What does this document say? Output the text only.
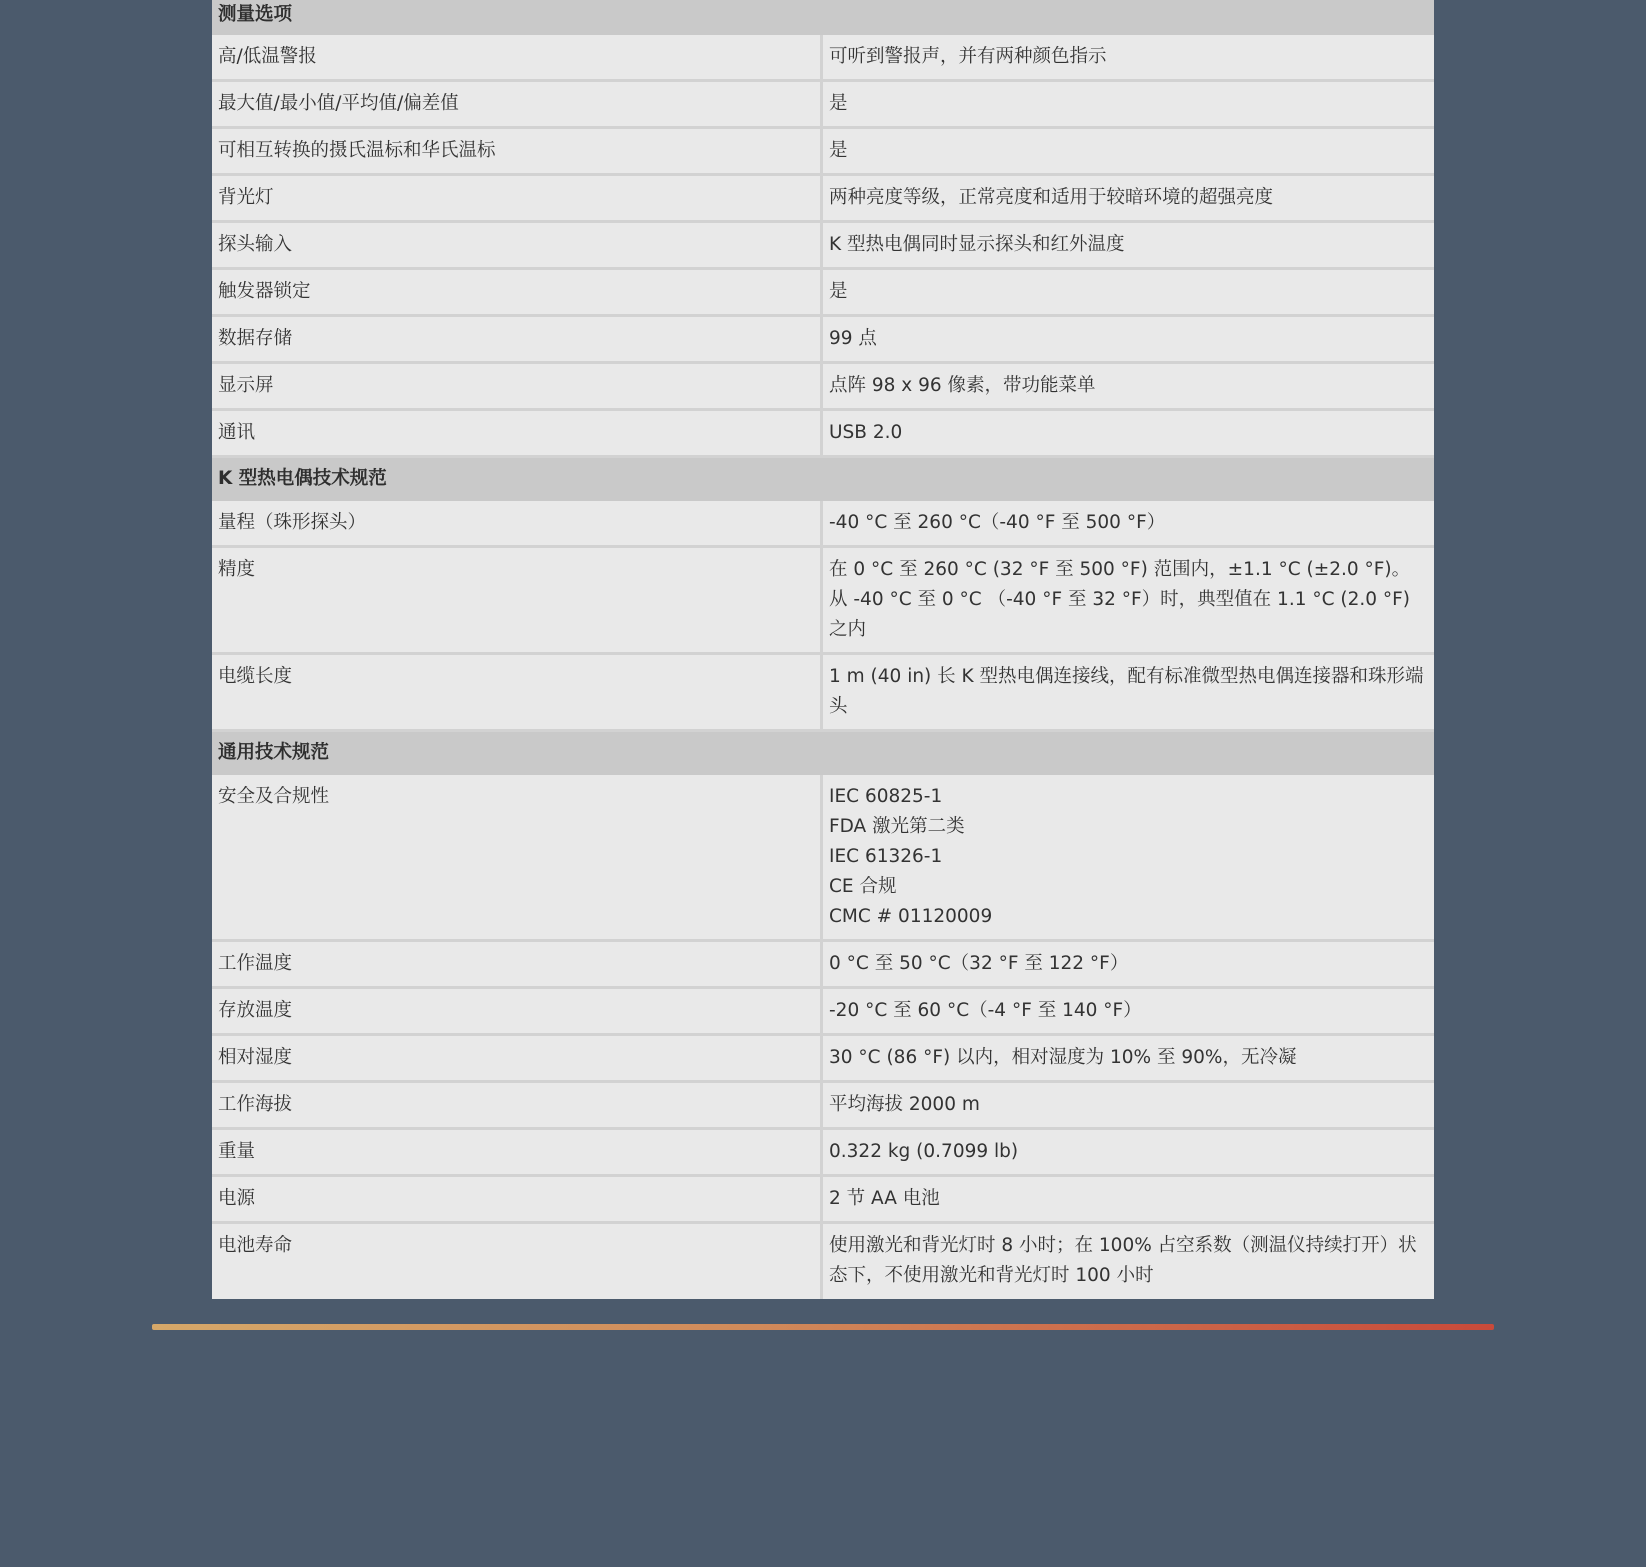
测量选项	
高/低温警报	可听到警报声，并有两种颜色指示

最大值/最小值/平均值/偏差值	是

可相互转换的摄氏温标和华氏温标	是

背光灯	两种亮度等级，正常亮度和适用于较暗环境的超强亮度

探头输入	K 型热电偶同时显示探头和红外温度

触发器锁定	是

数据存储	99 点

显示屏	点阵 98 x 96 像素，带功能菜单

通讯	USB 2.0

K 型热电偶技术规范	
量程（珠形探头）	-40 °C 至 260 °C（-40 °F 至 500 °F）

精度	在 0 °C 至 260 °C (32 °F 至 500 °F) 范围内，±1.1 °C (±2.0 °F)。从 -40 °C 至 0 °C （-40 °F 至 32 °F）时，典型值在 1.1 °C (2.0 °F) 之内

电缆长度	1 m (40 in) 长 K 型热电偶连接线，配有标准微型热电偶连接器和珠形端头

通用技术规范	
安全及合规性	IEC 60825-1
FDA 激光第二类
IEC 61326-1
CE 合规
CMC # 01120009

工作温度	0 °C 至 50 °C（32 °F 至 122 °F）

存放温度	-20 °C 至 60 °C（-4 °F 至 140 °F）

相对湿度	30 °C (86 °F) 以内，相对湿度为 10% 至 90%，无冷凝

工作海拔	平均海拔 2000 m

重量	0.322 kg (0.7099 lb)

电源	2 节 AA 电池

电池寿命	使用激光和背光灯时 8 小时；在 100% 占空系数（测温仪持续打开）状态下，不使用激光和背光灯时 100 小时
